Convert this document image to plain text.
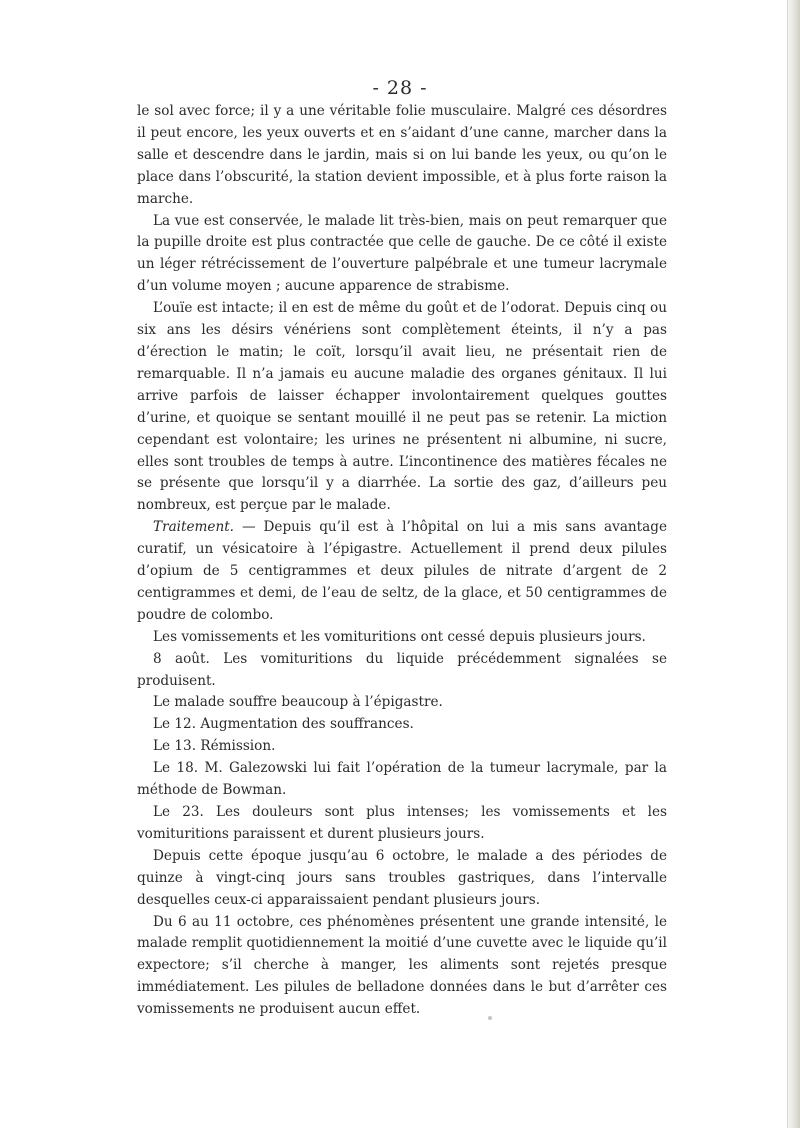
- 28 -

le sol avec force; il y a une véritable folie musculaire. Malgré ces désordres il peut encore, les yeux ouverts et en s’aidant d’une canne, marcher dans la salle et descendre dans le jardin, mais si on lui bande les yeux, ou qu’on le place dans l’obscurité, la station devient impossible, et à plus forte raison la marche.

La vue est conservée, le malade lit très-bien, mais on peut remarquer que la pupille droite est plus contractée que celle de gauche. De ce côté il existe un léger rétrécissement de l’ouverture palpébrale et une tumeur lacrymale d’un volume moyen ; aucune apparence de strabisme.

L’ouïe est intacte; il en est de même du goût et de l’odorat. Depuis cinq ou six ans les désirs vénériens sont complètement éteints, il n’y a pas d’érection le matin; le coït, lorsqu’il avait lieu, ne présentait rien de remarquable. Il n’a jamais eu aucune maladie des organes génitaux. Il lui arrive parfois de laisser échapper involontairement quelques gouttes d’urine, et quoique se sentant mouillé il ne peut pas se retenir. La miction cependant est volontaire; les urines ne présentent ni albumine, ni sucre, elles sont troubles de temps à autre. L’incontinence des matières fécales ne se présente que lorsqu’il y a diarrhée. La sortie des gaz, d’ailleurs peu nombreux, est perçue par le malade.

Traitement. — Depuis qu’il est à l’hôpital on lui a mis sans avantage curatif, un vésicatoire à l’épigastre. Actuellement il prend deux pilules d’opium de 5 centigrammes et deux pilules de nitrate d’argent de 2 centigrammes et demi, de l’eau de seltz, de la glace, et 50 centigrammes de poudre de colombo.

Les vomissements et les vomituritions ont cessé depuis plusieurs jours.

8 août. Les vomituritions du liquide précédemment signalées se produisent.

Le malade souffre beaucoup à l’épigastre.

Le 12. Augmentation des souffrances.

Le 13. Rémission.

Le 18. M. Galezowski lui fait l’opération de la tumeur lacrymale, par la méthode de Bowman.

Le 23. Les douleurs sont plus intenses; les vomissements et les vomituritions paraissent et durent plusieurs jours.

Depuis cette époque jusqu’au 6 octobre, le malade a des périodes de quinze à vingt-cinq jours sans troubles gastriques, dans l’intervalle desquelles ceux-ci apparaissaient pendant plusieurs jours.

Du 6 au 11 octobre, ces phénomènes présentent une grande intensité, le malade remplit quotidiennement la moitié d’une cuvette avec le liquide qu’il expectore; s’il cherche à manger, les aliments sont rejetés presque immédiatement. Les pilules de belladone données dans le but d’arrêter ces vomissements ne produisent aucun effet.
